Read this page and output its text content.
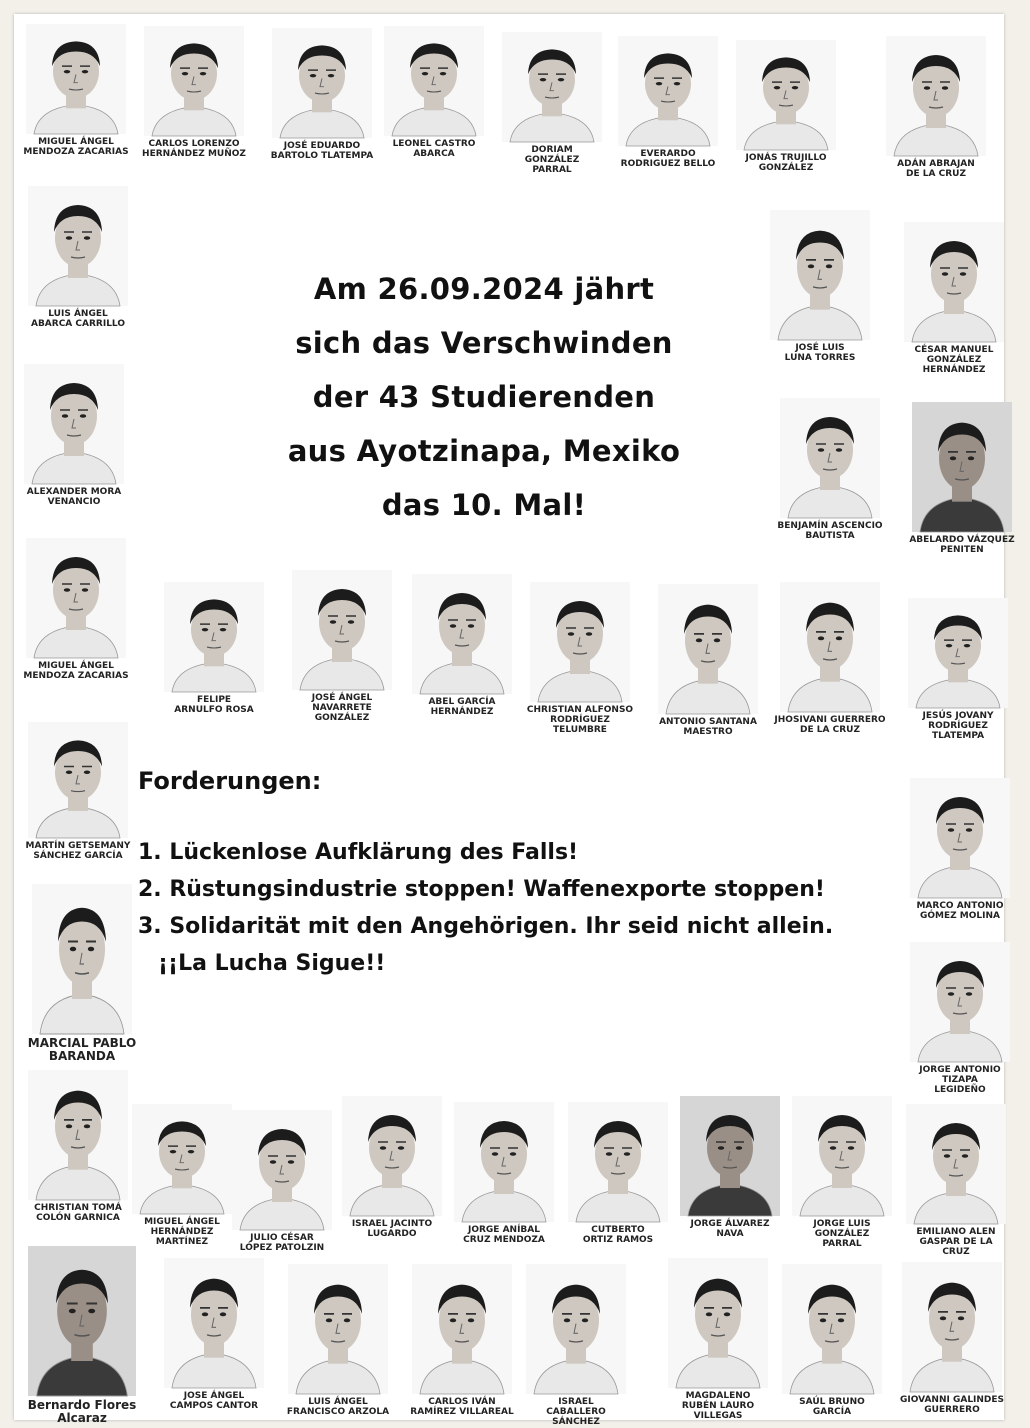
Am 26.09.2024 jährt
sich das Verschwinden
der 43 Studierenden
aus Ayotzinapa, Mexiko
das 10. Mal!
Forderungen:
1. Lückenlose Aufklärung des Falls!
2. Rüstungsindustrie stoppen! Waffenexporte stoppen!
3. Solidarität mit den Angehörigen. Ihr seid nicht allein.
¡¡La Lucha Sigue!!
MIGUEL ÁNGEL
MENDOZA ZACARIAS
CARLOS LORENZO
HERNÁNDEZ MUÑOZ
JOSÉ EDUARDO
BARTOLO TLATEMPA
LEONEL CASTRO
ABARCA	DORIAM
GONZÁLEZ
PARRAL
EVERARDO
RODRIGUEZ BELLO
JONÁS TRUJILLO
GONZÁLEZ	ADÁN ABRAJAN
DE LA CRUZ
LUIS ÁNGEL
ABARCA CARRILLO
JOSÉ LUIS
LUNA TORRES
CÉSAR MANUEL
GONZÁLEZ
HERNÁNDEZ
ALEXANDER MORA
VENANCIO
BENJAMÍN ASCENCIO
BAUTISTA	ABELARDO VÁZQUEZ PENITEN
MIGUEL ÁNGEL
MENDOZA ZACARIAS
FELIPE
ARNULFO ROSA
JOSÉ ÁNGEL
NAVARRETE
GONZÁLEZ
ABEL GARCÍA
HERNÁNDEZ	CHRISTIAN ALFONSO
RODRÍGUEZ
TELUMBRE
ANTONIO SANTANA
MAESTRO
JHOSIVANI GUERRERO
DE LA CRUZ
JESÚS JOVANY
RODRÍGUEZ
TLATEMPA
MARTÍN GETSEMANY
SÁNCHEZ GARCÍA
MARCO ANTONIO
GÓMEZ MOLINA
MARCIAL PABLO
BARANDA
JORGE ANTONIO
TIZAPA
LEGIDEÑO
CHRISTIAN TOMÁ
COLÓN GARNICA	MIGUEL ÁNGEL
HERNÁNDEZ
MARTÍNEZ	JULIO CÉSAR
LÓPEZ PATOLZIN
ISRAEL JACINTO
LUGARDO	JORGE ANÍBAL
CRUZ MENDOZA
CUTBERTO
ORTIZ RAMOS
JORGE ÁLVAREZ
NAVA
JORGE LUIS
GONZÁLEZ
PARRAL
EMILIANO ALEN
GASPAR DE LA
CRUZ
Bernardo Flores
Alcaraz
JOSE ÁNGEL
CAMPOS CANTOR	LUIS ÁNGEL
FRANCISCO ARZOLA
CARLOS IVÁN
RAMÍREZ VILLAREAL
ISRAEL
CABALLERO
SÁNCHEZ
MAGDALENO
RUBÉN LAURO
VILLEGAS
SAÚL BRUNO
GARCÍA
GIOVANNI GALINDES
GUERRERO
